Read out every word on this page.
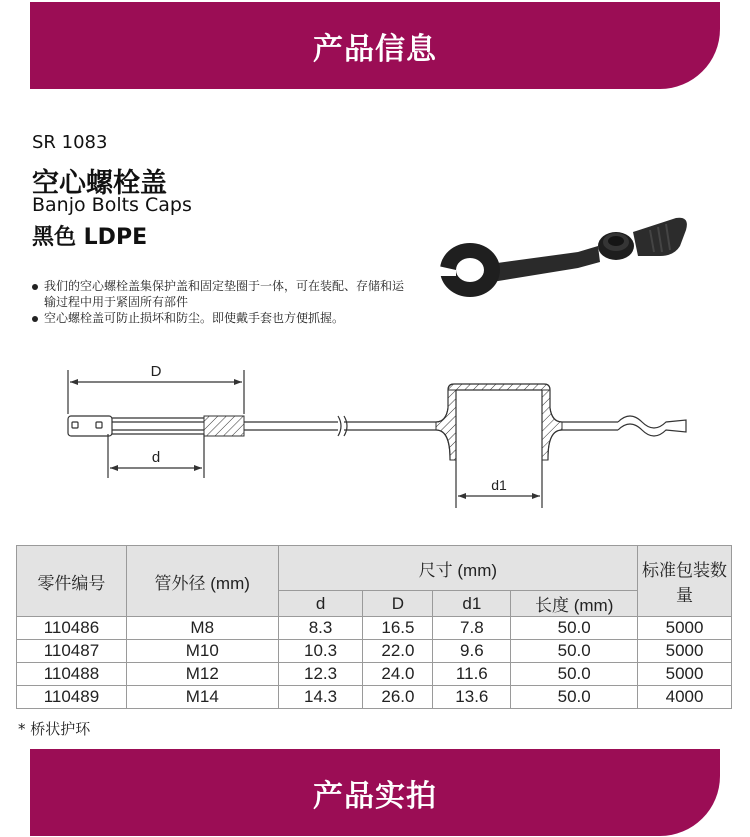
产品信息
SR 1083
空心螺栓盖
Banjo Bolts Caps
黑色 LDPE
我们的空心螺栓盖集保护盖和固定垫圈于一体，可在装配、存储和运输过程中用于紧固所有部件
空心螺栓盖可防止损坏和防尘。即使戴手套也方便抓握。
D
d
d1
零件编号	管外径 (mm)	尺寸 (mm)				标准包装数量
		d	D	d1	长度 (mm)	
110486	M8	8.3	16.5	7.8	50.0	5000
110487	M10	10.3	22.0	9.6	50.0	5000
110488	M12	12.3	24.0	11.6	50.0	5000
110489	M14	14.3	26.0	13.6	50.0	4000
* 桥状护环
产品实拍
